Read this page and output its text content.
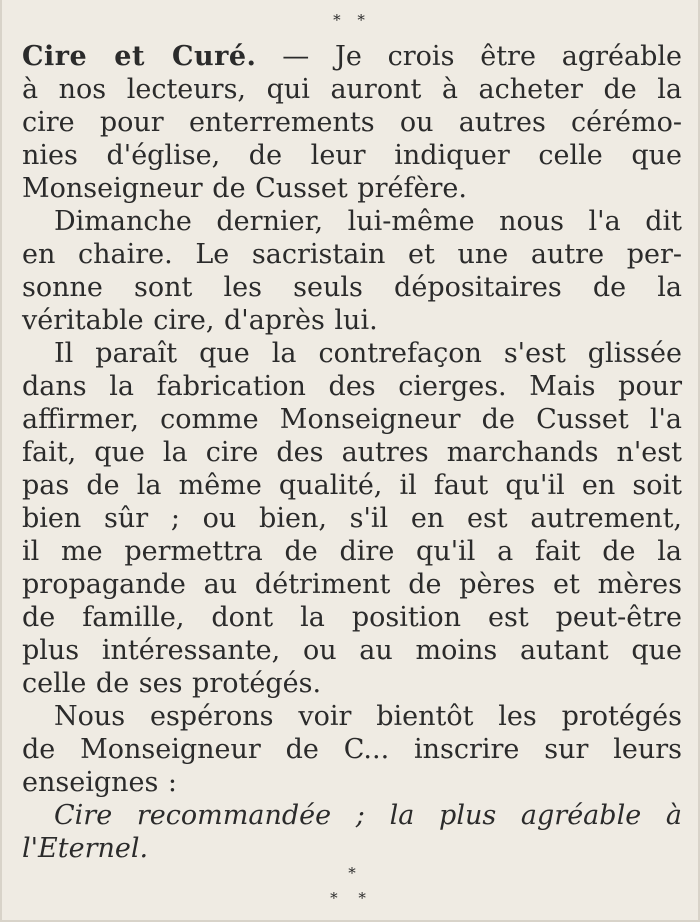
* *
Cire et Curé. — Je crois être agréable
à nos lecteurs, qui auront à acheter de la
cire pour enterrements ou autres cérémo-
nies d'église, de leur indiquer celle que
Monseigneur de Cusset préfère.
Dimanche dernier, lui-même nous l'a dit
en chaire. Le sacristain et une autre per-
sonne sont les seuls dépositaires de la
véritable cire, d'après lui.
Il paraît que la contrefaçon s'est glissée
dans la fabrication des cierges. Mais pour
affirmer, comme Monseigneur de Cusset l'a
fait, que la cire des autres marchands n'est
pas de la même qualité, il faut qu'il en soit
bien sûr ; ou bien, s'il en est autrement,
il me permettra de dire qu'il a fait de la
propagande au détriment de pères et mères
de famille, dont la position est peut-être
plus intéressante, ou au moins autant que
celle de ses protégés.
Nous espérons voir bientôt les protégés
de Monseigneur de C... inscrire sur leurs
enseignes :
Cire recommandée ; la plus agréable à
l'Eternel.
*
* *
